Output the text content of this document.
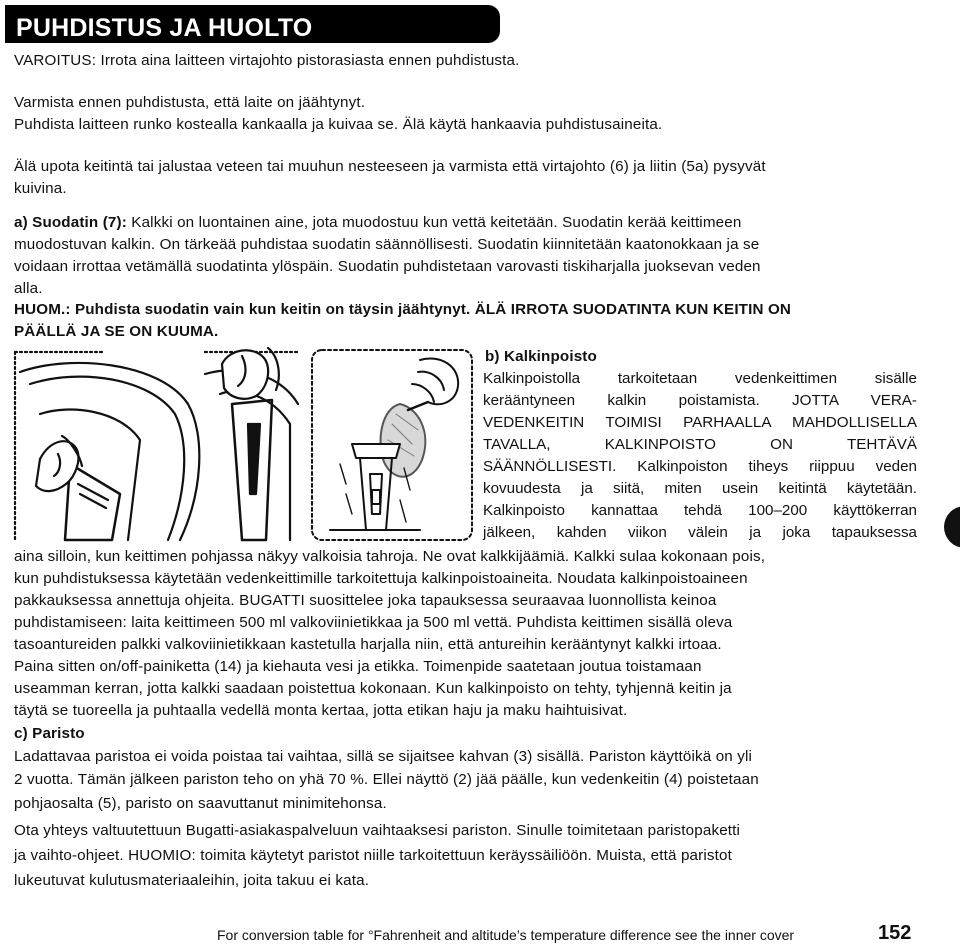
PUHDISTUS JA HUOLTO
VAROITUS: Irrota aina laitteen virtajohto pistorasiasta ennen puhdistusta.
Varmista ennen puhdistusta, että laite on jäähtynyt.
Puhdista laitteen runko kostealla kankaalla ja kuivaa se. Älä käytä hankaavia puhdistusaineita.
Älä upota keitintä tai jalustaa veteen tai muuhun nesteeseen ja varmista että virtajohto (6) ja liitin (5a) pysyvät
kuivina.
a) Suodatin (7): Kalkki on luontainen aine, jota muodostuu kun vettä keitetään. Suodatin kerää keittimeen
muodostuvan kalkin. On tärkeää puhdistaa suodatin säännöllisesti. Suodatin kiinnitetään kaatonokkaan ja se
voidaan irrottaa vetämällä suodatinta ylöspäin. Suodatin puhdistetaan varovasti tiskiharjalla juoksevan veden
alla.
HUOM.: Puhdista suodatin vain kun keitin on täysin jäähtynyt. ÄLÄ IRROTA SUODATINTA KUN KEITIN ON
PÄÄLLÄ JA SE ON KUUMA.
b) Kalkinpoisto
Kalkinpoistolla tarkoitetaan vedenkeittimen sisälle
kerääntyneen kalkin poistamista. JOTTA VERA-
VEDENKEITIN TOIMISI PARHAALLA MAHDOLLISELLA
TAVALLA, KALKINPOISTO ON TEHTÄVÄ
SÄÄNNÖLLISESTI. Kalkinpoiston tiheys riippuu veden
kovuudesta ja siitä, miten usein keitintä käytetään.
Kalkinpoisto kannattaa tehdä 100–200 käyttökerran
jälkeen, kahden viikon välein ja joka tapauksessa
aina silloin, kun keittimen pohjassa näkyy valkoisia tahroja. Ne ovat kalkkijäämiä. Kalkki sulaa kokonaan pois,
kun puhdistuksessa käytetään vedenkeittimille tarkoitettuja kalkinpoistoaineita. Noudata kalkinpoistoaineen
pakkauksessa annettuja ohjeita. BUGATTI suosittelee joka tapauksessa seuraavaa luonnollista keinoa
puhdistamiseen: laita keittimeen 500 ml valkoviinietikkaa ja 500 ml vettä. Puhdista keittimen sisällä oleva
tasoantureiden palkki valkoviinietikkaan kastetulla harjalla niin, että antureihin kerääntynyt kalkki irtoaa.
Paina sitten on/off-painiketta (14) ja kiehauta vesi ja etikka. Toimenpide saatetaan joutua toistamaan
useamman kerran, jotta kalkki saadaan poistettua kokonaan. Kun kalkinpoisto on tehty, tyhjennä keitin ja
täytä se tuoreella ja puhtaalla vedellä monta kertaa, jotta etikan haju ja maku haihtuisivat.
c) Paristo
Ladattavaa paristoa ei voida poistaa tai vaihtaa, sillä se sijaitsee kahvan (3) sisällä. Pariston käyttöikä on yli
2 vuotta. Tämän jälkeen pariston teho on yhä 70 %. Ellei näyttö (2) jää päälle, kun vedenkeitin (4) poistetaan
pohjaosalta (5), paristo on saavuttanut minimitehonsa.
Ota yhteys valtuutettuun Bugatti-asiakaspalveluun vaihtaaksesi pariston. Sinulle toimitetaan paristopaketti
ja vaihto-ohjeet. HUOMIO: toimita käytetyt paristot niille tarkoitettuun keräyssäiliöön. Muista, että paristot
lukeutuvat kulutusmateriaaleihin, joita takuu ei kata.
For conversion table for °Fahrenheit and altitude’s temperature difference see the inner cover	152
